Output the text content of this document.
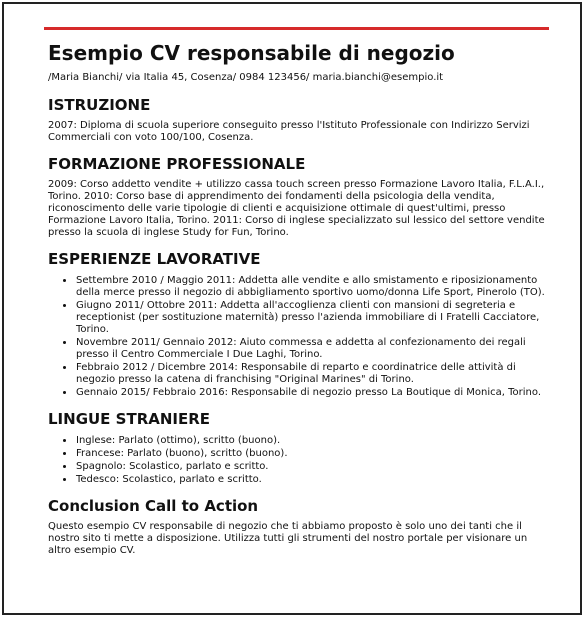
Esempio CV responsabile di negozio
/Maria Bianchi/ via Italia 45, Cosenza/ 0984 123456/ maria.bianchi@esempio.it
ISTRUZIONE

2007: Diploma di scuola superiore conseguito presso l'Istituto Professionale con Indirizzo Servizi Commerciali con voto 100/100, Cosenza.

FORMAZIONE PROFESSIONALE

2009: Corso addetto vendite + utilizzo cassa touch screen presso Formazione Lavoro Italia, F.L.A.I., Torino. 2010: Corso base di apprendimento dei fondamenti della psicologia della vendita, riconoscimento delle varie tipologie di clienti e acquisizione ottimale di quest'ultimi, presso Formazione Lavoro Italia, Torino. 2011: Corso di inglese specializzato sul lessico del settore vendite presso la scuola di inglese Study for Fun, Torino.

ESPERIENZE LAVORATIVE
• Settembre 2010 / Maggio 2011: Addetta alle vendite e allo smistamento e riposizionamento della merce presso il negozio di abbigliamento sportivo uomo/donna Life Sport, Pinerolo (TO).
• Giugno 2011/ Ottobre 2011: Addetta all'accoglienza clienti con mansioni di segreteria e receptionist (per sostituzione maternità) presso l'azienda immobiliare di I Fratelli Cacciatore, Torino.
• Novembre 2011/ Gennaio 2012: Aiuto commessa e addetta al confezionamento dei regali presso il Centro Commerciale I Due Laghi, Torino.
• Febbraio 2012 / Dicembre 2014: Responsabile di reparto e coordinatrice delle attività di negozio presso la catena di franchising "Original Marines" di Torino.
• Gennaio 2015/ Febbraio 2016: Responsabile di negozio presso La Boutique di Monica, Torino.
LINGUE STRANIERE
• Inglese: Parlato (ottimo), scritto (buono).
• Francese: Parlato (buono), scritto (buono).
• Spagnolo: Scolastico, parlato e scritto.
• Tedesco: Scolastico, parlato e scritto.
Conclusion Call to Action

Questo esempio CV responsabile di negozio che ti abbiamo proposto è solo uno dei tanti che il nostro sito ti mette a disposizione. Utilizza tutti gli strumenti del nostro portale per visionare un altro esempio CV.
